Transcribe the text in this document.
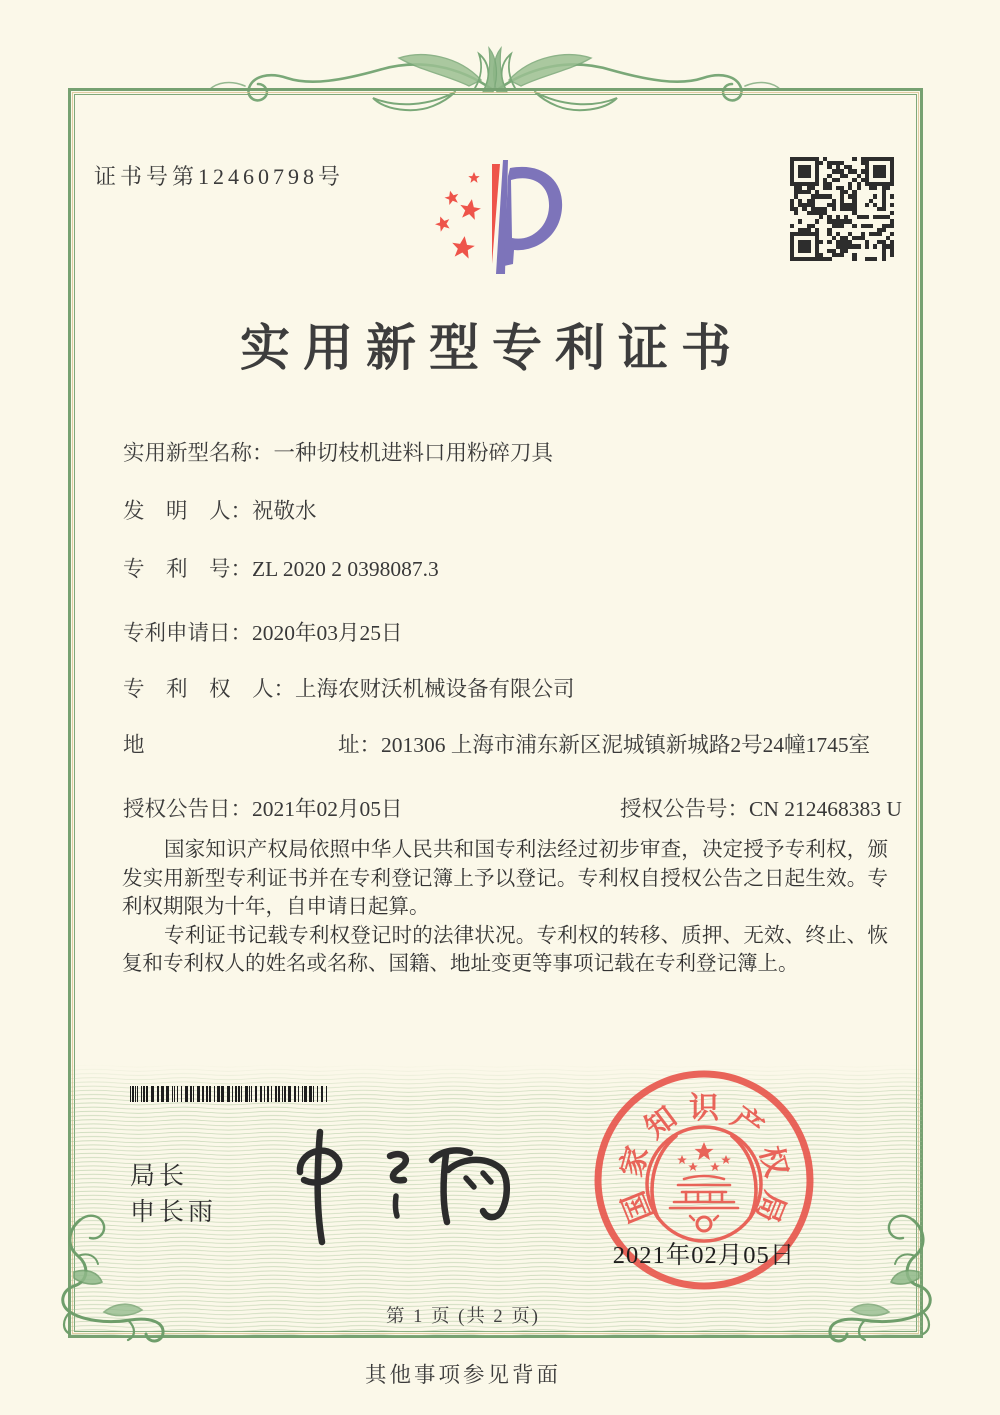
证书号第12460798号
实用新型专利证书
实用新型名称：一种切枝机进料口用粉碎刀具
发　明　人：祝敬水
专　利　号：ZL 2020 2 0398087.3
专利申请日：2020年03月25日
专　利　权　人：上海农财沃机械设备有限公司
地　　　　　　　　　址：201306 上海市浦东新区泥城镇新城路2号24幢1745室
授权公告日：2021年02月05日	授权公告号：CN 212468383 U

国家知识产权局依照中华人民共和国专利法经过初步审查，决定授予专利权，颁发实用新型专利证书并在专利登记簿上予以登记。专利权自授权公告之日起生效。专利权期限为十年，自申请日起算。

专利证书记载专利权登记时的法律状况。专利权的转移、质押、无效、终止、恢复和专利权人的姓名或名称、国籍、地址变更等事项记载在专利登记簿上。

局长
申长雨	国
家
知 识 产
权
局
2021年02月05日
第 1 页 (共 2 页)
其他事项参见背面
